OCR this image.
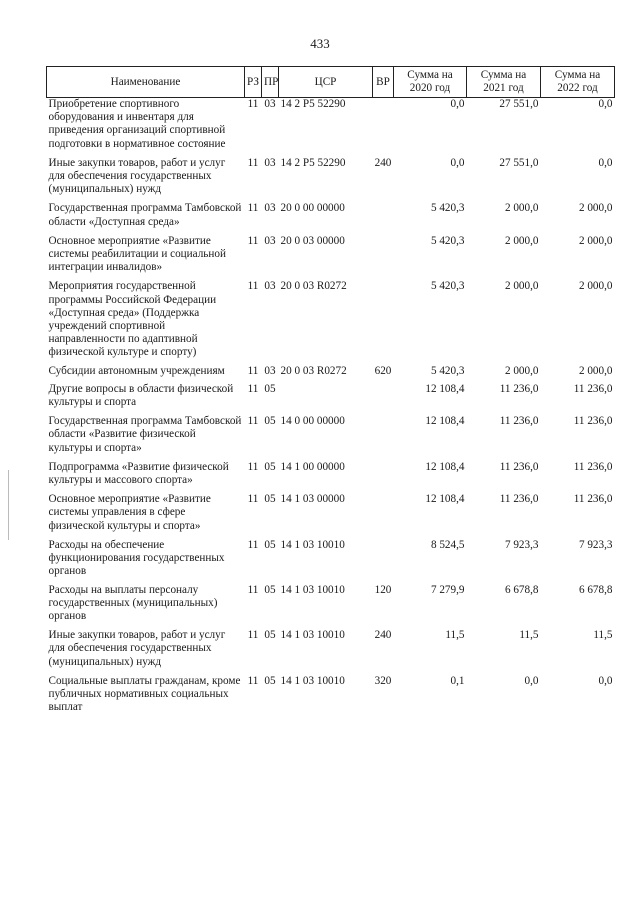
433
Наименование	РЗ	ПР	ЦСР	ВР	Сумма на 2020 год	Сумма на 2021 год	Сумма на 2022 год

Приобретение спортивного оборудования и инвентаря для приведения организаций спортивной подготовки в нормативное состояние	11	03	14 2 P5 52290		0,0	27 551,0	0,0
Иные закупки товаров, работ и услуг для обеспечения государственных (муниципальных) нужд	11	03	14 2 P5 52290	240	0,0	27 551,0	0,0
Государственная программа Тамбовской области «Доступная среда»	11	03	20 0 00 00000		5 420,3	2 000,0	2 000,0
Основное мероприятие «Развитие системы реабилитации и социальной интеграции инвалидов»	11	03	20 0 03 00000		5 420,3	2 000,0	2 000,0
Мероприятия государственной программы Российской Федерации «Доступная среда» (Поддержка учреждений спортивной направленности по адаптивной физической культуре и спорту)	11	03	20 0 03 R0272		5 420,3	2 000,0	2 000,0
Субсидии автономным учреждениям	11	03	20 0 03 R0272	620	5 420,3	2 000,0	2 000,0
Другие вопросы в области физической культуры и спорта	11	05			12 108,4	11 236,0	11 236,0
Государственная программа Тамбовской области «Развитие физической культуры и спорта»	11	05	14 0 00 00000		12 108,4	11 236,0	11 236,0
Подпрограмма «Развитие физической культуры и массового спорта»	11	05	14 1 00 00000		12 108,4	11 236,0	11 236,0
Основное мероприятие «Развитие системы управления в сфере физической культуры и спорта»	11	05	14 1 03 00000		12 108,4	11 236,0	11 236,0
Расходы на обеспечение функционирования государственных органов	11	05	14 1 03 10010		8 524,5	7 923,3	7 923,3
Расходы на выплаты персоналу государственных (муниципальных) органов	11	05	14 1 03 10010	120	7 279,9	6 678,8	6 678,8
Иные закупки товаров, работ и услуг для обеспечения государственных (муниципальных) нужд	11	05	14 1 03 10010	240	11,5	11,5	11,5
Социальные выплаты гражданам, кроме публичных нормативных социальных выплат	11	05	14 1 03 10010	320	0,1	0,0	0,0
